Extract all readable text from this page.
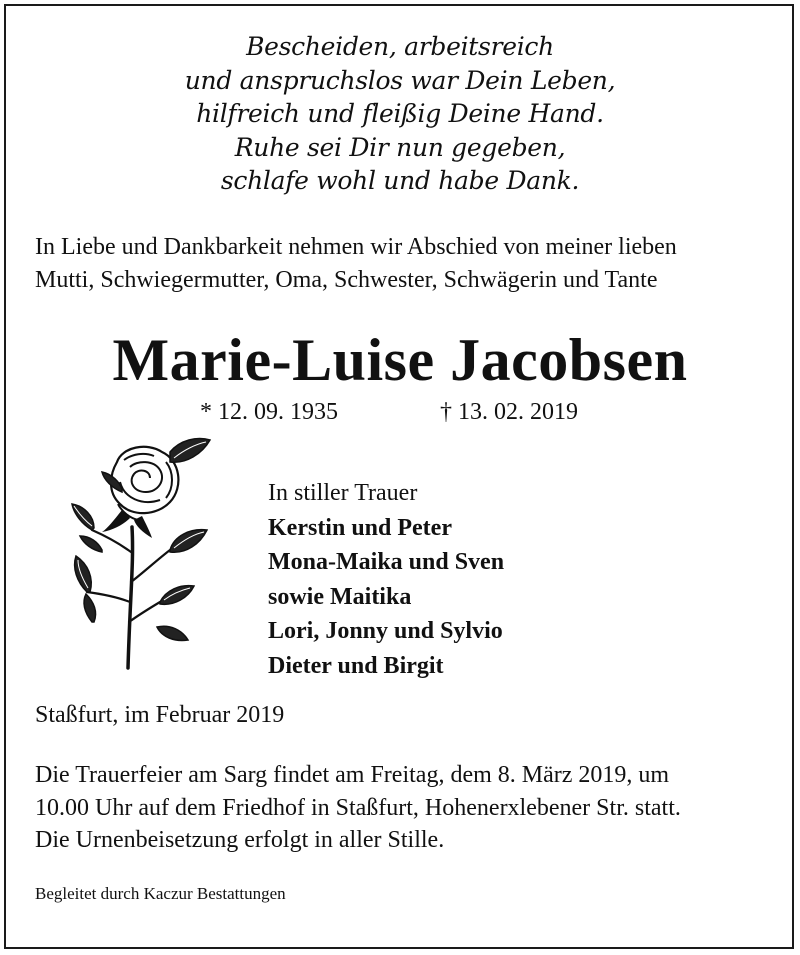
Bescheiden, arbeitsreich
und anspruchslos war Dein Leben,
hilfreich und fleißig Deine Hand.
Ruhe sei Dir nun gegeben,
schlafe wohl und habe Dank.
In Liebe und Dankbarkeit nehmen wir Abschied von meiner lieben
Mutti, Schwiegermutter, Oma, Schwester, Schwägerin und Tante
Marie-Luise Jacobsen
* 12. 09. 1935	† 13. 02. 2019
In stiller Trauer
Kerstin und Peter
Mona-Maika und Sven
sowie Maitika
Lori, Jonny und Sylvio
Dieter und Birgit
Staßfurt, im Februar 2019
Die Trauerfeier am Sarg findet am Freitag, dem 8. März 2019, um
10.00 Uhr auf dem Friedhof in Staßfurt, Hohenerxlebener Str. statt.
Die Urnenbeisetzung erfolgt in aller Stille.
Begleitet durch Kaczur Bestattungen
